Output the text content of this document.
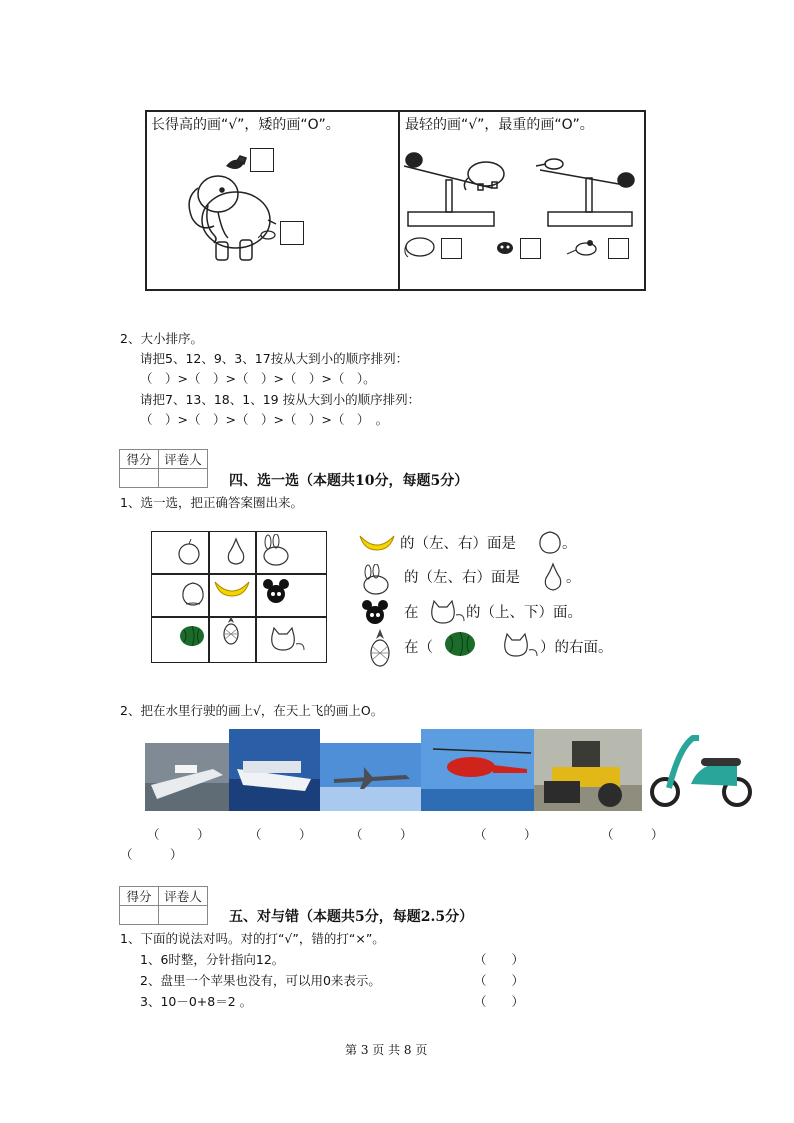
长得高的画“√”，矮的画“O”。	最轻的画“√”，最重的画“O”。
2、大小排序。
请把5、12、9、3、17按从大到小的顺序排列：
（　）>（　）>（　）>（　）>（　）。
请把7、13、18、1、19 按从大到小的顺序排列：
（　）>（　）>（　）>（　）>（　）　。
得分	评卷人

四、选一选（本题共10分，每题5分）
1、选一选，把正确答案圈出来。
的（左、右）面是	。
的（左、右）面是	。
在	的（上、下）面。
在（	）的右面。
2、把在水里行驶的画上√，在天上飞的画上O。
（　　　）	（　　　）	（　　　）	（　　　）	（　　　）
（　　　）
得分	评卷人

五、对与错（本题共5分，每题2.5分）
1、下面的说法对吗。对的打“√”，错的打“×”。
1、6时整，分针指向12。	（　　）
2、盘里一个苹果也没有，可以用0来表示。	（　　）
3、10－0+8＝2 。	（　　）
第 3 页 共 8 页
